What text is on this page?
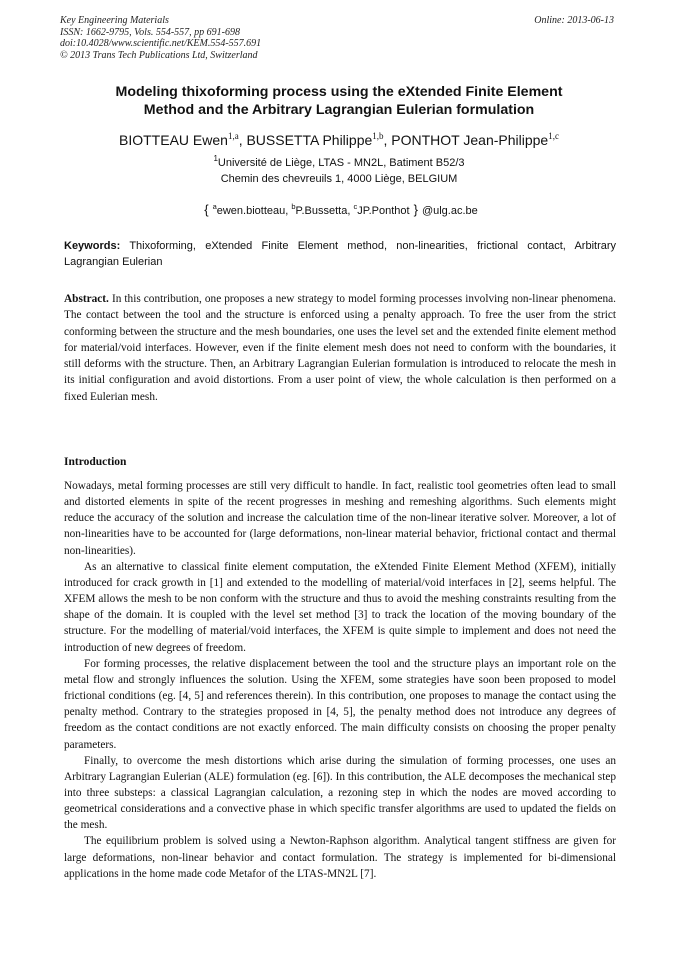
Key Engineering Materials
ISSN: 1662-9795, Vols. 554-557, pp 691-698
doi:10.4028/www.scientific.net/KEM.554-557.691
© 2013 Trans Tech Publications Ltd, Switzerland
Online: 2013-06-13
Modeling thixoforming process using the eXtended Finite Element
Method and the Arbitrary Lagrangian Eulerian formulation
BIOTTEAU Ewen$^{1,a}$, BUSSETTA Philippe$^{1,b}$, PONTHOT Jean-Philippe$^{1,c}$
$^1$Université de Liège, LTAS - MN2L, Batiment B52/3
Chemin des chevreuils 1, 4000 Liège, BELGIUM
{ $^a$ewen.biotteau, $^b$P.Bussetta, $^c$JP.Ponthot } @ulg.ac.be
Keywords: Thixoforming, eXtended Finite Element method, non-linearities, frictional contact, Arbitrary Lagrangian Eulerian
Abstract. In this contribution, one proposes a new strategy to model forming processes involving non-linear phenomena. The contact between the tool and the structure is enforced using a penalty approach. To free the user from the strict conforming between the structure and the mesh boundaries, one uses the level set and the extended finite element method for material/void interfaces. However, even if the finite element mesh does not need to conform with the boundaries, it still deforms with the structure. Then, an Arbitrary Lagrangian Eulerian formulation is introduced to relocate the mesh in its initial configuration and avoid distortions. From a user point of view, the whole calculation is then performed on a fixed Eulerian mesh.
Introduction

Nowadays, metal forming processes are still very difficult to handle. In fact, realistic tool geometries often lead to small and distorted elements in spite of the recent progresses in meshing and remeshing algorithms. Such elements might reduce the accuracy of the solution and increase the calculation time of the non-linear iterative solver. Moreover, a lot of non-linearities have to be accounted for (large deformations, non-linear material behavior, frictional contact and thermal non-linearities).

As an alternative to classical finite element computation, the eXtended Finite Element Method (XFEM), initially introduced for crack growth in [1] and extended to the modelling of material/void interfaces in [2], seems helpful. The XFEM allows the mesh to be non conform with the structure and thus to avoid the meshing constraints resulting from the shape of the domain. It is coupled with the level set method [3] to track the location of the moving boundary of the structure. For the modelling of material/void interfaces, the XFEM is quite simple to implement and does not need the introduction of new degrees of freedom.

For forming processes, the relative displacement between the tool and the structure plays an important role on the metal flow and strongly influences the solution. Using the XFEM, some strategies have soon been proposed to model frictional conditions (eg. [4, 5] and references therein). In this contribution, one proposes to manage the contact using the penalty method. Contrary to the strategies proposed in [4, 5], the penalty method does not introduce any degrees of freedom as the contact conditions are not exactly enforced. The main difficulty consists on choosing the proper penalty parameters.

Finally, to overcome the mesh distortions which arise during the simulation of forming processes, one uses an Arbitrary Lagrangian Eulerian (ALE) formulation (eg. [6]). In this contribution, the ALE decomposes the mechanical step into three substeps: a classical Lagrangian calculation, a rezoning step in which the nodes are moved according to geometrical considerations and a convective phase in which specific transfer algorithms are used to updated the fields on the mesh.

The equilibrium problem is solved using a Newton-Raphson algorithm. Analytical tangent stiffness are given for large deformations, non-linear behavior and contact formulation. The strategy is implemented for bi-dimensional applications in the home made code Metafor of the LTAS-MN2L [7].
